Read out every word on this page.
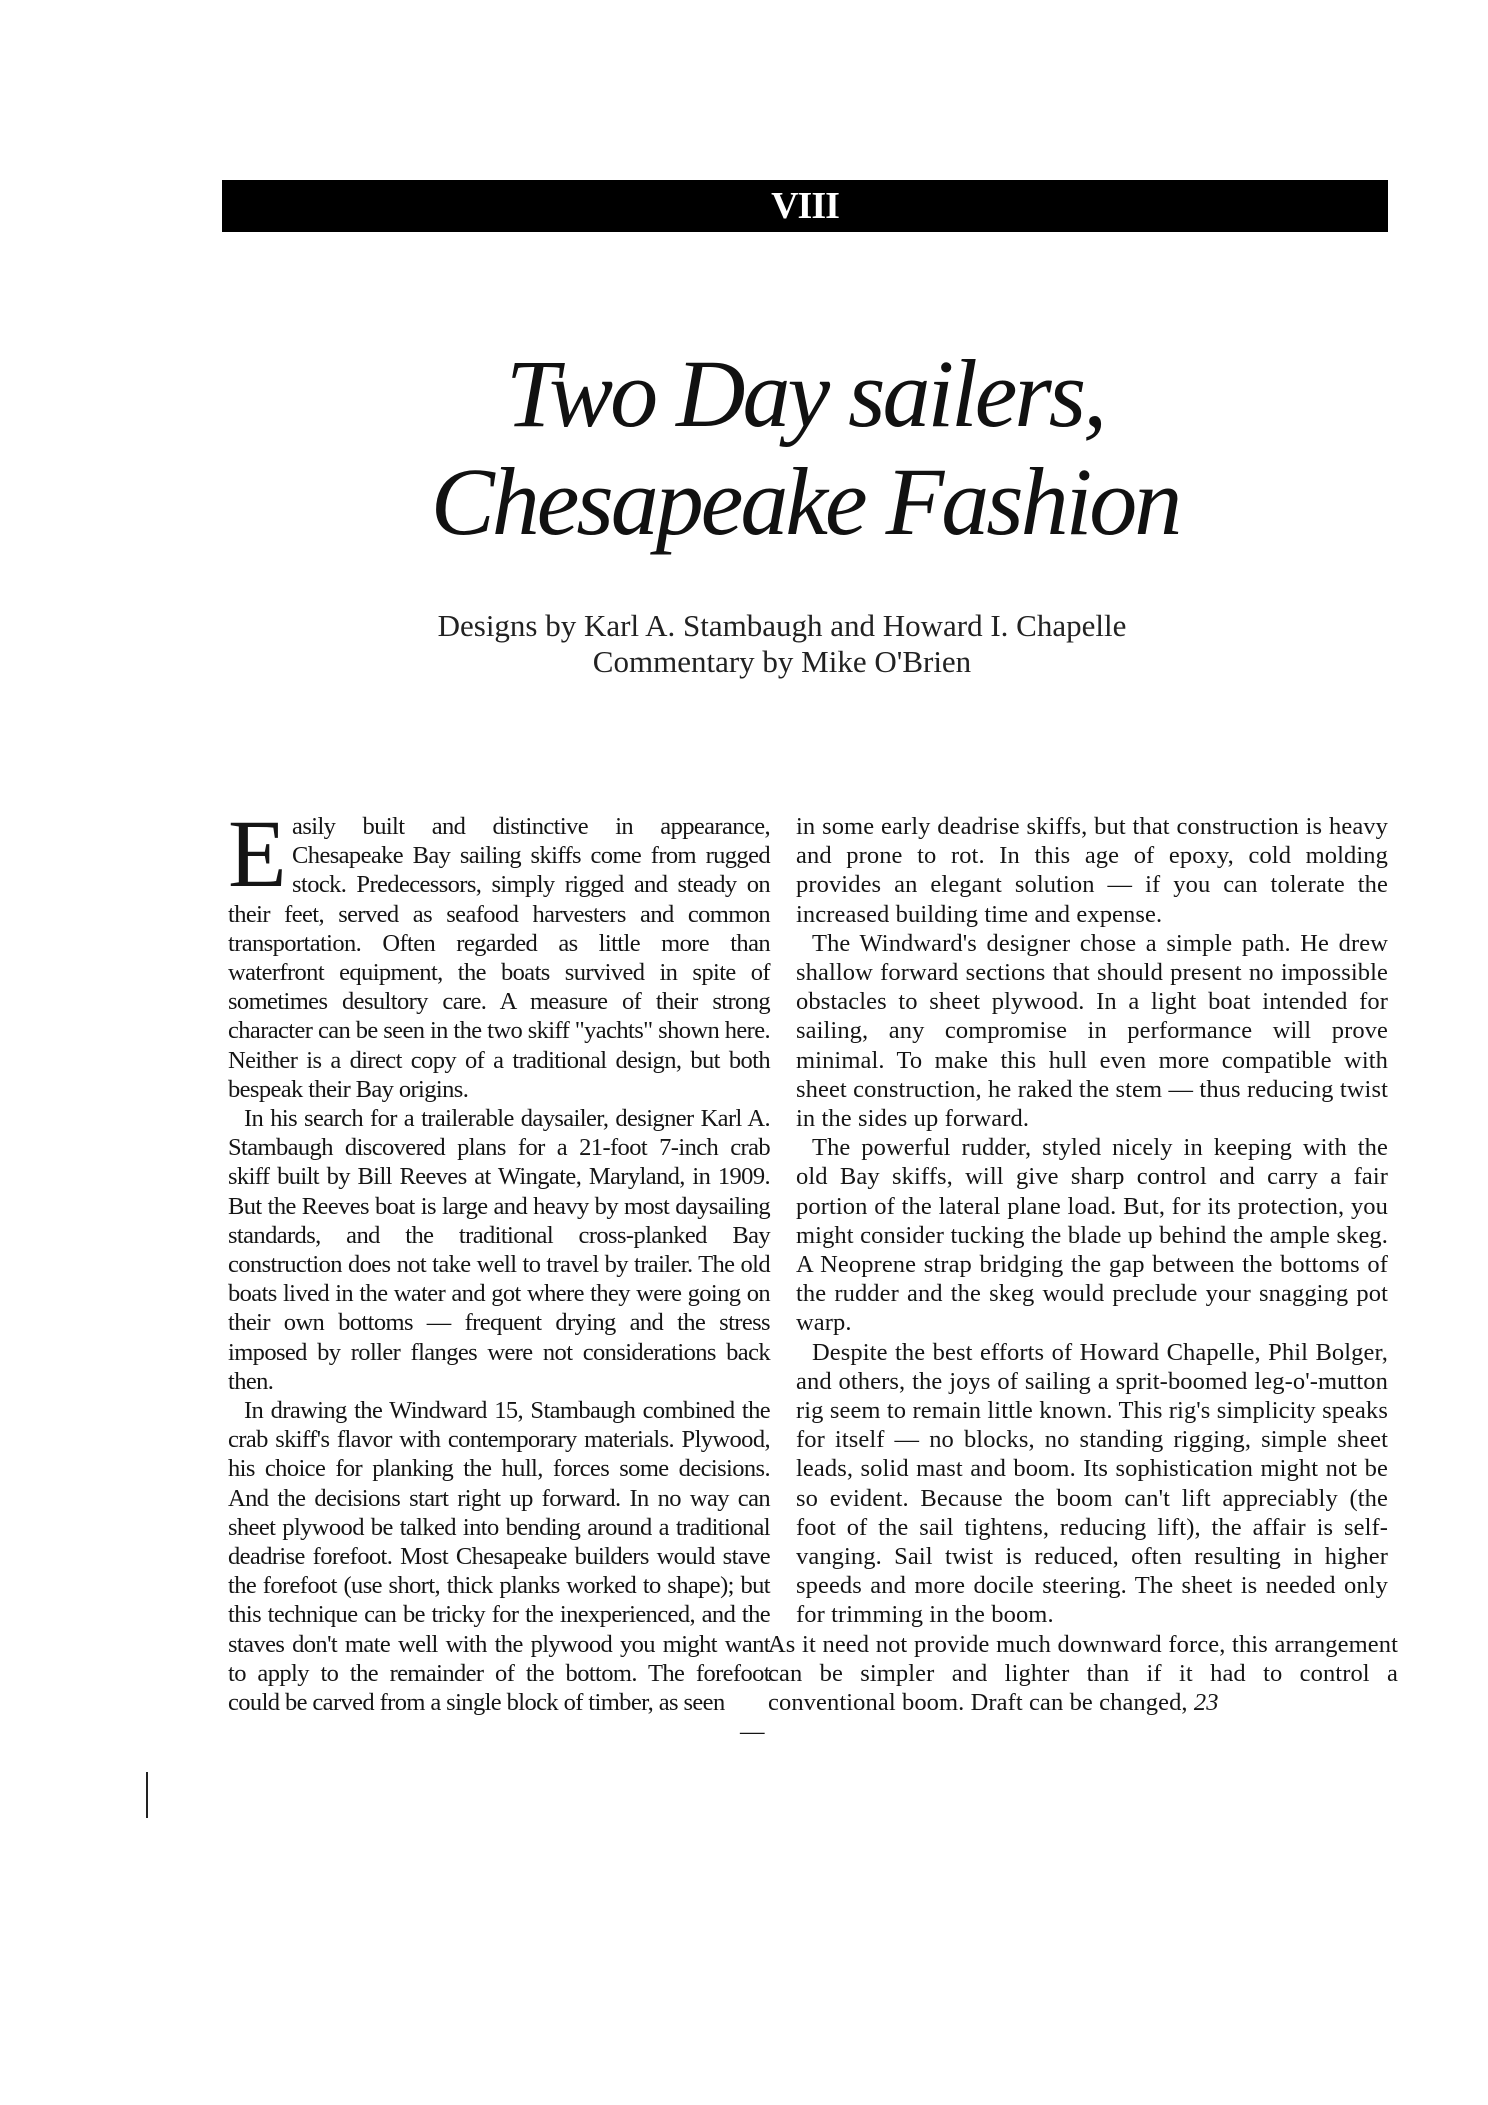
VIII
Two Day sailers,
Chesapeake Fashion
Designs by Karl A. Stambaugh and Howard I. Chapelle
Commentary by Mike O'Brien

Easily built and distinctive in appearance, Chesapeake Bay sailing skiffs come from rugged stock. Predecessors, simply rigged and steady on their feet, served as seafood harvesters and common transportation. Often regarded as little more than waterfront equipment, the boats survived in spite of sometimes desultory care. A measure of their strong character can be seen in the two skiff "yachts" shown here. Neither is a direct copy of a traditional design, but both bespeak their Bay origins.

In his search for a trailerable daysailer, designer Karl A. Stambaugh discovered plans for a 21-foot 7-inch crab skiff built by Bill Reeves at Wingate, Maryland, in 1909. But the Reeves boat is large and heavy by most daysailing standards, and the traditional cross-planked Bay construction does not take well to travel by trailer. The old boats lived in the water and got where they were going on their own bottoms — frequent drying and the stress imposed by roller flanges were not considerations back then.

In drawing the Windward 15, Stambaugh combined the crab skiff's flavor with contemporary materials. Plywood, his choice for planking the hull, forces some decisions. And the decisions start right up forward. In no way can sheet plywood be talked into bending around a traditional deadrise forefoot. Most Chesapeake builders would stave the forefoot (use short, thick planks worked to shape); but this technique can be tricky for the inexperienced, and the staves don't mate well with the plywood you might want to apply to the remainder of the bottom. The forefoot could be carved from a single block of timber, as seen

in some early deadrise skiffs, but that construction is heavy and prone to rot. In this age of epoxy, cold molding provides an elegant solution — if you can tolerate the increased building time and expense.

The Windward's designer chose a simple path. He drew shallow forward sections that should present no impossible obstacles to sheet plywood. In a light boat intended for sailing, any compromise in performance will prove minimal. To make this hull even more compatible with sheet construction, he raked the stem — thus reducing twist in the sides up forward.

The powerful rudder, styled nicely in keeping with the old Bay skiffs, will give sharp control and carry a fair portion of the lateral plane load. But, for its protection, you might consider tucking the blade up behind the ample skeg. A Neoprene strap bridging the gap between the bottoms of the rudder and the skeg would preclude your snagging pot warp.

Despite the best efforts of Howard Chapelle, Phil Bolger, and others, the joys of sailing a sprit-boomed leg-o'-mutton rig seem to remain little known. This rig's simplicity speaks for itself — no blocks, no standing rigging, simple sheet leads, solid mast and boom. Its sophistication might not be so evident. Because the boom can't lift appreciably (the foot of the sail tightens, reducing lift), the affair is self-vanging. Sail twist is reduced, often resulting in higher speeds and more docile steering. The sheet is needed only for trimming in the boom.

As it need not provide much downward force, this arrangement can be simpler and lighter than if it had to control a conventional boom. Draft can be changed, 23
—
